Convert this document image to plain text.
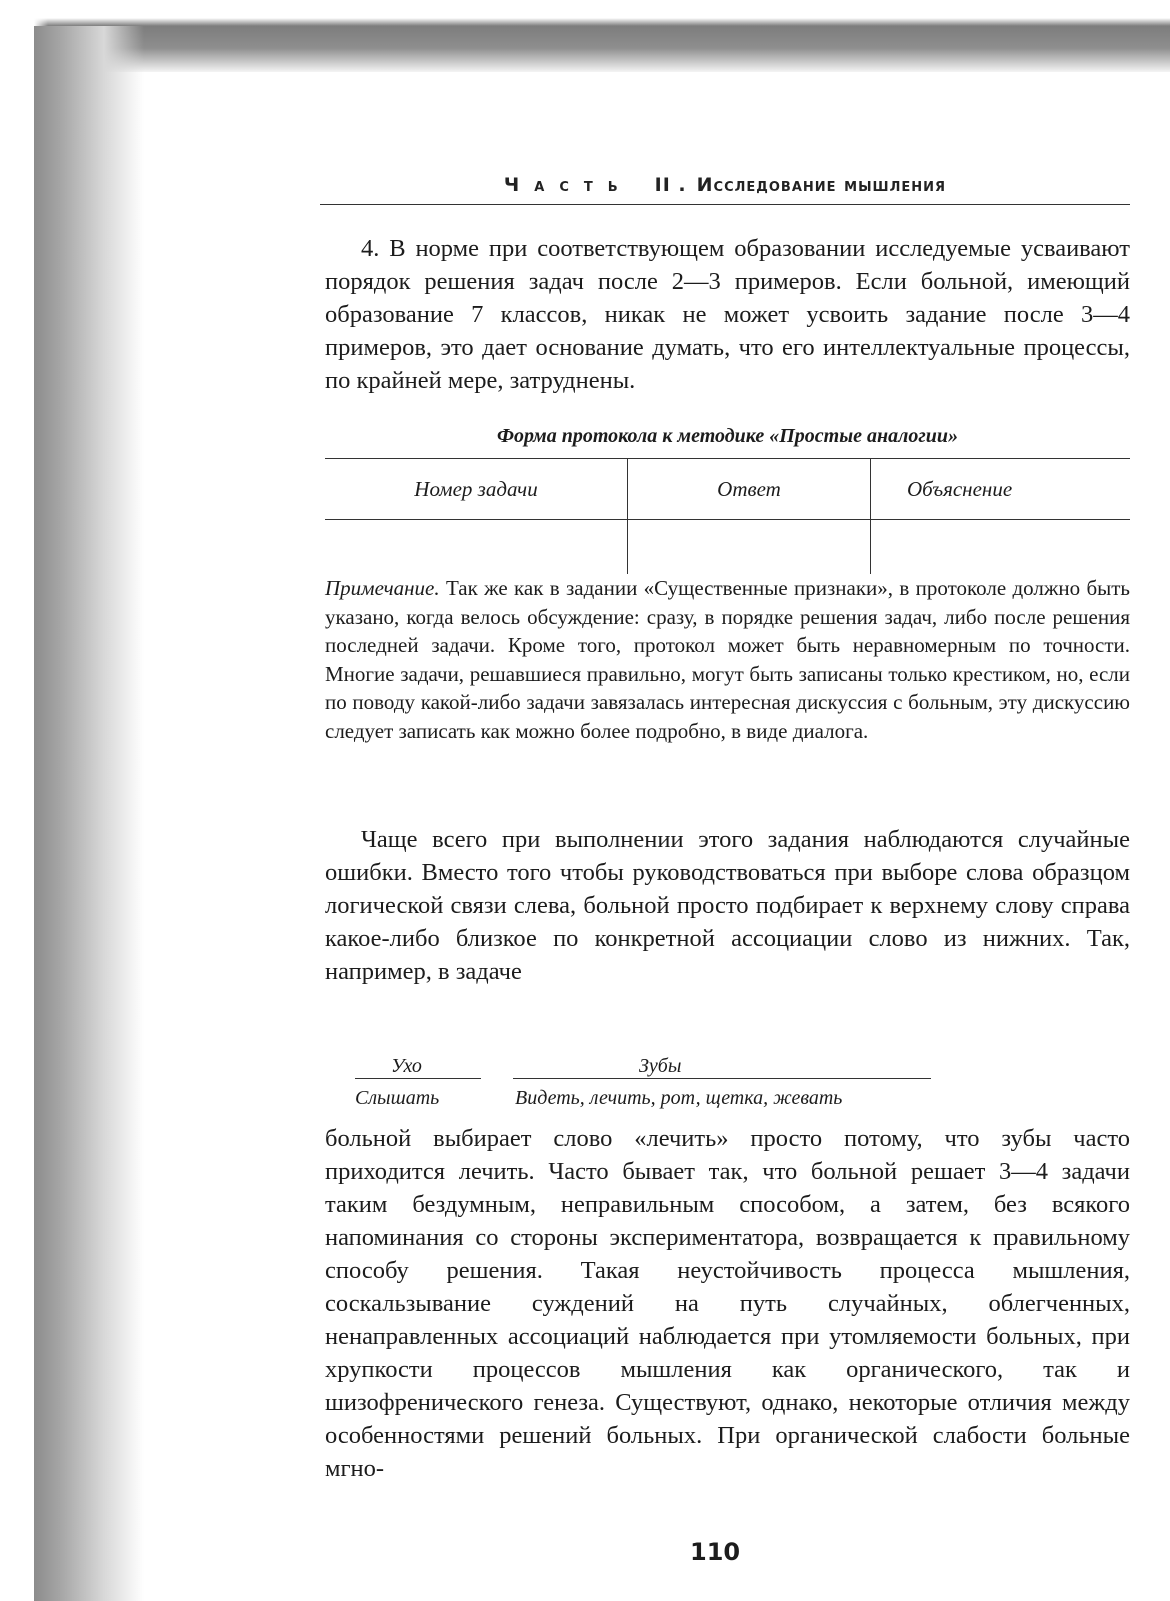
Часть II . Исследование мышления

4. В норме при соответствующем образовании исследуемые усваивают порядок решения задач после 2—3 примеров. Если больной, имеющий образование 7 классов, никак не может усвоить задание после 3—4 примеров, это дает основание думать, что его интеллектуальные процессы, по крайней мере, затруднены.

Форма протокола к методике «Простые аналогии»

Номер задачи	Ответ	Объяснение

Примечание. Так же как в задании «Существенные признаки», в протоколе должно быть указано, когда велось обсуждение: сразу, в порядке решения задач, либо после решения последней задачи. Кроме того, протокол может быть неравномерным по точности. Многие задачи, решавшиеся правильно, могут быть записаны только крестиком, но, если по поводу какой-либо задачи завязалась интересная дискуссия с больным, эту дискуссию следует записать как можно более подробно, в виде диалога.

Чаще всего при выполнении этого задания наблюдаются случайные ошибки. Вместо того чтобы руководствоваться при выборе слова образцом логической связи слева, больной просто подбирает к верхнему слову справа какое-либо близкое по конкретной ассоциации слово из нижних. Так, например, в задаче

Ухо	Зубы
Слышать	Видеть, лечить, рот, щетка, жевать

больной выбирает слово «лечить» просто потому, что зубы часто приходится лечить. Часто бывает так, что больной решает 3—4 задачи таким бездумным, неправильным способом, а затем, без всякого напоминания со стороны экспериментатора, возвращается к правильному способу решения. Такая неустойчивость процесса мышления, соскальзывание суждений на путь случайных, облегченных, ненаправленных ассоциаций наблюдается при утомляемости больных, при хрупкости процессов мышления как органического, так и шизофренического генеза. Существуют, однако, некоторые отличия между особенностями решений больных. При органической слабости больные мгно-

110
